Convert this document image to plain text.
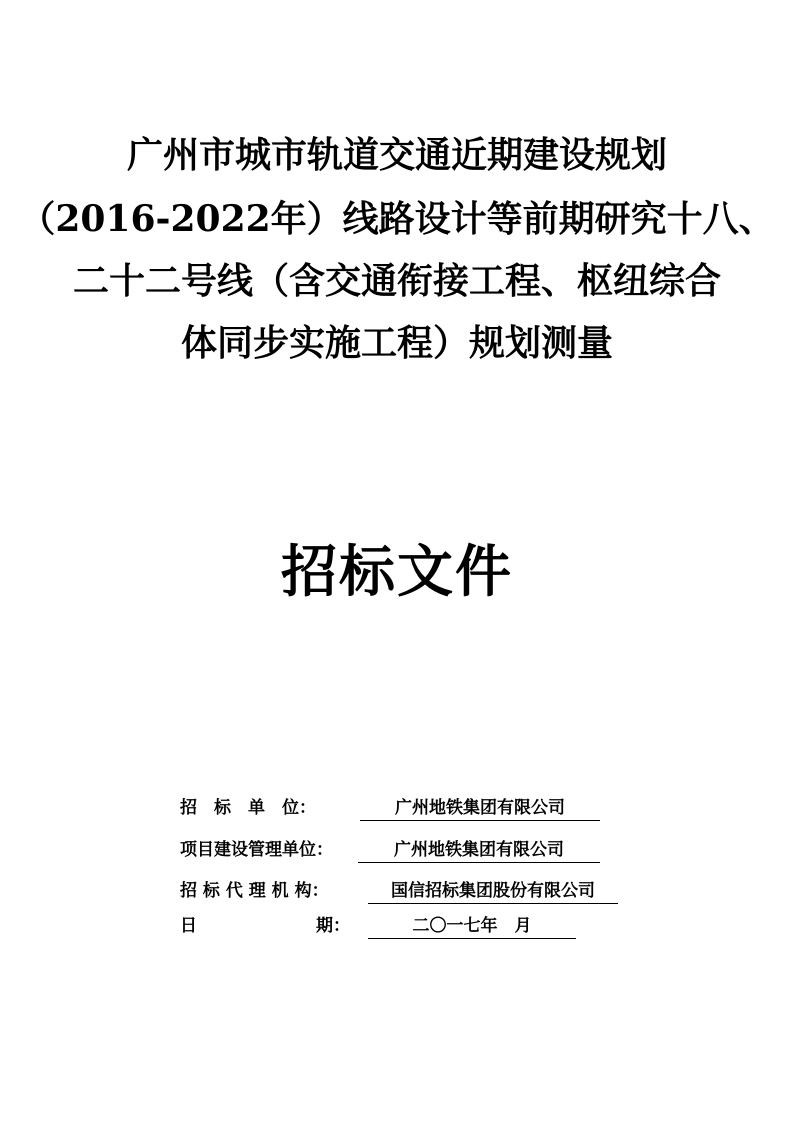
广州市城市轨道交通近期建设规划
（2016-2022年）线路设计等前期研究十八、
二十二号线（含交通衔接工程、枢纽综合
体同步实施工程）规划测量
招标文件
招　标　单　位：	广州地铁集团有限公司
项目建设管理单位：	广州地铁集团有限公司
招 标 代 理 机 构：	国信招标集团股份有限公司
日	期：	二〇一七年　月
